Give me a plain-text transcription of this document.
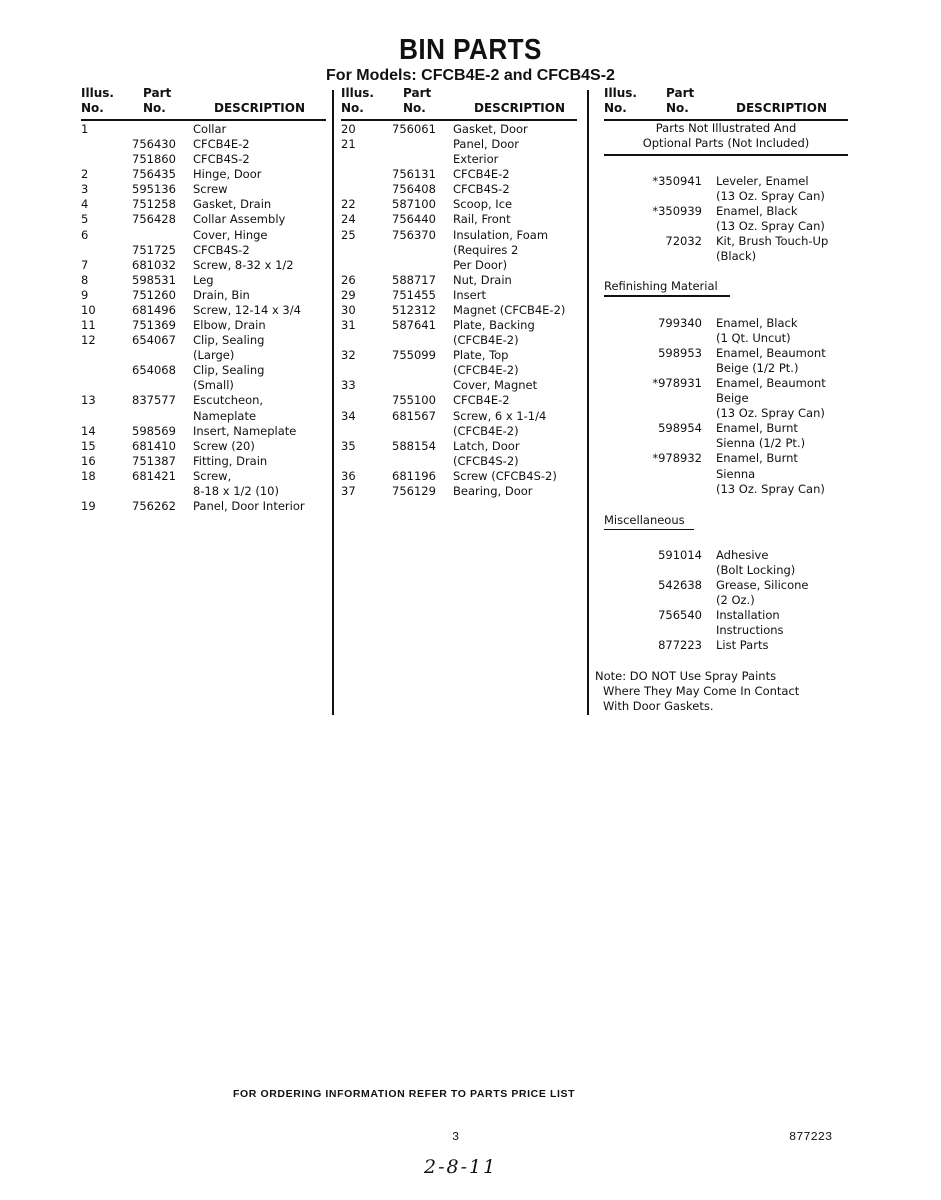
BIN PARTS
For Models: CFCB4E-2 and CFCB4S-2
Illus.
No.
Part
No.	DESCRIPTION
1	Collar
756430 CFCB4E-2
751860 CFCB4S-2
2	756435 Hinge, Door
3	595136 Screw
4	751258 Gasket, Drain
5	756428 Collar Assembly
6	Cover, Hinge
751725 CFCB4S-2
7	681032 Screw, 8-32 x 1/2
8	598531 Leg
9	751260 Drain, Bin
10	681496 Screw, 12-14 x 3/4
11	751369 Elbow, Drain
12	654067 Clip, Sealing
(Large)
654068 Clip, Sealing
(Small)
13	837577 Escutcheon,
Nameplate
14	598569 Insert, Nameplate
15	681410 Screw (20)
16	751387 Fitting, Drain
18	681421 Screw,
8-18 x 1/2 (10)
19	756262 Panel, Door Interior
Illus.
No.
Part
No.	DESCRIPTION
20	756061 Gasket, Door
21	Panel, Door
Exterior
756131 CFCB4E-2
756408 CFCB4S-2
22	587100 Scoop, Ice
24	756440 Rail, Front
25	756370 Insulation, Foam
(Requires 2
Per Door)
26	588717 Nut, Drain
29	751455 Insert
30	512312 Magnet (CFCB4E-2)
31	587641 Plate, Backing
(CFCB4E-2)
32	755099 Plate, Top
(CFCB4E-2)
33	Cover, Magnet
755100 CFCB4E-2
34	681567 Screw, 6 x 1-1/4
(CFCB4E-2)
35	588154 Latch, Door
(CFCB4S-2)
36	681196 Screw (CFCB4S-2)
37	756129 Bearing, Door
Illus.
No.
Part
No.	DESCRIPTION
Parts Not Illustrated And
Optional Parts (Not Included)
*350941 Leveler, Enamel
(13 Oz. Spray Can)
*350939 Enamel, Black
(13 Oz. Spray Can)
72032 Kit, Brush Touch-Up
(Black)
Refinishing Material
799340 Enamel, Black
(1 Qt. Uncut)
598953 Enamel, Beaumont
Beige (1/2 Pt.)
*978931 Enamel, Beaumont
Beige
(13 Oz. Spray Can)
598954 Enamel, Burnt
Sienna (1/2 Pt.)
*978932 Enamel, Burnt
Sienna
(13 Oz. Spray Can)
Miscellaneous
591014 Adhesive
(Bolt Locking)
542638 Grease, Silicone
(2 Oz.)
756540 Installation
Instructions
877223 List Parts
Note: DO NOT Use Spray Paints
Where They May Come In Contact
With Door Gaskets.
FOR ORDERING INFORMATION REFER TO PARTS PRICE LIST
3	877223
2-8-11
